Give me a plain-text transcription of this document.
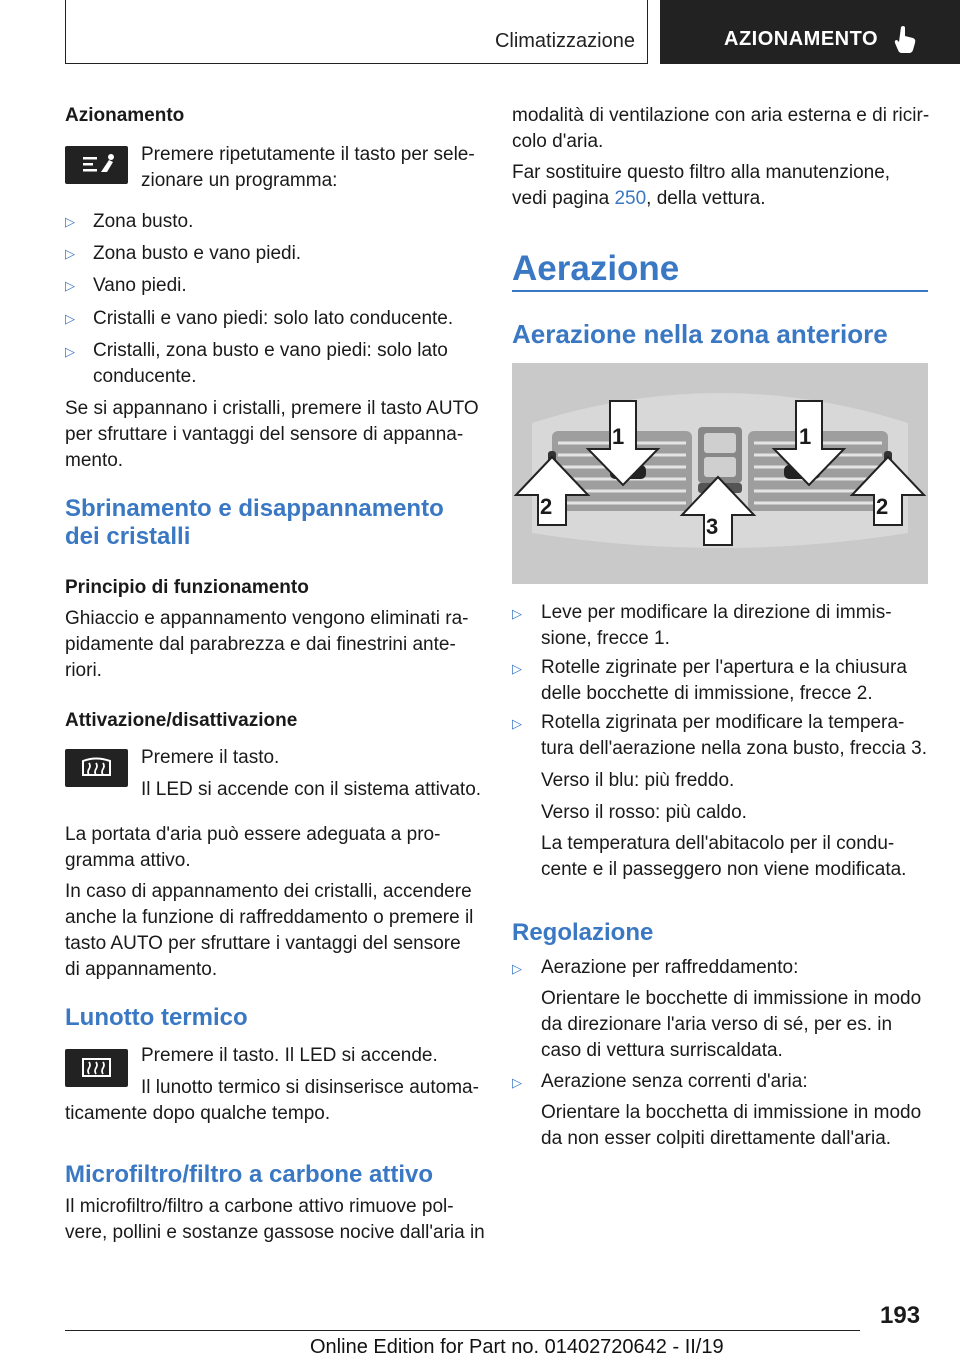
Climatizzazione	AZIONAMENTO
Azionamento
Premere ripetutamente il tasto per sele-
zionare un programma:
▷ Zona busto.
▷ Zona busto e vano piedi.
▷ Vano piedi.
▷ Cristalli e vano piedi: solo lato conducente.
▷ Cristalli, zona busto e vano piedi: solo lato
conducente.
Se si appannano i cristalli, premere il tasto AUTO
per sfruttare i vantaggi del sensore di appanna-
mento.
Sbrinamento e disappannamento
dei cristalli
Principio di funzionamento
Ghiaccio e appannamento vengono eliminati ra-
pidamente dal parabrezza e dai finestrini ante-
riori.
Attivazione/disattivazione
Premere il tasto.
Il LED si accende con il sistema attivato.
La portata d'aria può essere adeguata a pro-
gramma attivo.
In caso di appannamento dei cristalli, accendere
anche la funzione di raffreddamento o premere il
tasto AUTO per sfruttare i vantaggi del sensore
di appannamento.
Lunotto termico
Premere il tasto. Il LED si accende.
Il lunotto termico si disinserisce automa-
ticamente dopo qualche tempo.
Microfiltro/filtro a carbone attivo
Il microfiltro/filtro a carbone attivo rimuove pol-
vere, pollini e sostanze gassose nocive dall'aria in
modalità di ventilazione con aria esterna e di ricir-
colo d'aria.
Far sostituire questo filtro alla manutenzione,
vedi pagina 250, della vettura.
Aerazione
Aerazione nella zona anteriore
1	1
2	2
3
▷ Leve per modificare la direzione di immis-
sione, frecce 1.
▷ Rotelle zigrinate per l'apertura e la chiusura
delle bocchette di immissione, frecce 2.
▷ Rotella zigrinata per modificare la tempera-
tura dell'aerazione nella zona busto, freccia 3.
Verso il blu: più freddo.
Verso il rosso: più caldo.
La temperatura dell'abitacolo per il condu-
cente e il passeggero non viene modificata.
Regolazione
▷ Aerazione per raffreddamento:
Orientare le bocchette di immissione in modo
da direzionare l'aria verso di sé, per es. in
caso di vettura surriscaldata.
▷ Aerazione senza correnti d'aria:
Orientare la bocchetta di immissione in modo
da non esser colpiti direttamente dall'aria.
193
Online Edition for Part no. 01402720642 - II/19
